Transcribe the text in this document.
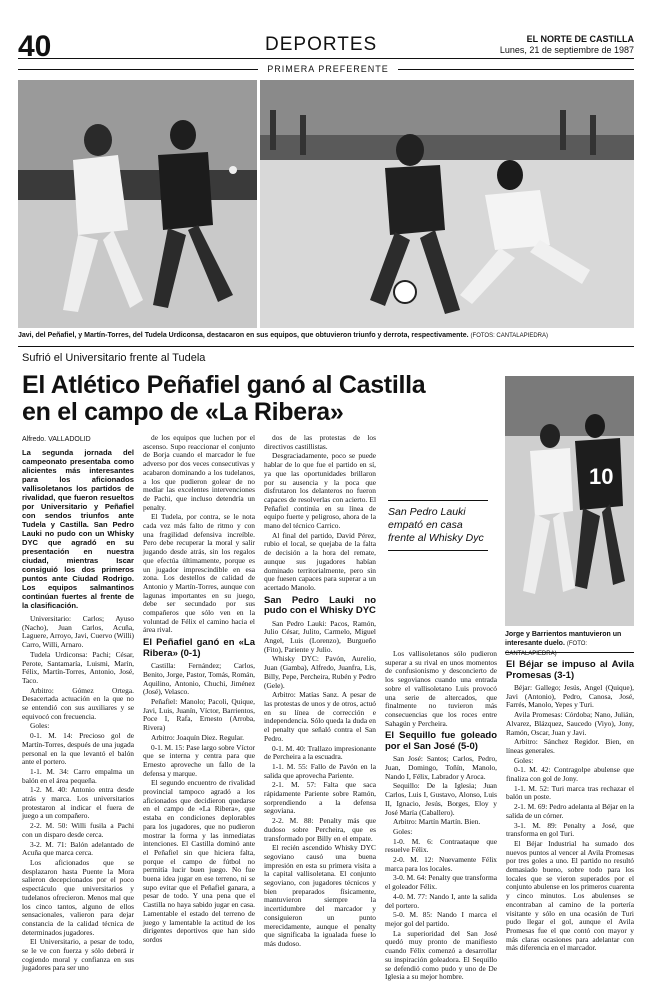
40	DEPORTES	EL NORTE DE CASTILLA
Lunes, 21 de septiembre de 1987
PRIMERA PREFERENTE
Javi, del Peñafiel, y Martín-Torres, del Tudela Urdiconsa, destacaron en sus equipos, que obtuvieron triunfo y derrota, respectivamente. (FOTOS: CANTALAPIEDRA)
Sufrió el Universitario frente al Tudela
El Atlético Peñafiel ganó al Castilla
en el campo de «La Ribera»
Alfredo. VALLADOLID

La segunda jornada del campeonato presentaba como alicientes más interesantes para los aficionados vallisoletanos los partidos de rivalidad, que fueron resueltos por Universitario y Peñafiel con sendos triunfos ante Tudela y Castilla. San Pedro Lauki no pudo con un Whisky DYC que agradó en su presentación en nuestra ciudad, mientras Iscar consiguió los dos primeros puntos ante Ciudad Rodrigo. Los equipos salmantinos continúan fuertes al frente de la clasificación.

Universitario: Carlos; Ayuso (Nacho), Juan Carlos, Acuña, Laguere, Arroyo, Javi, Cuervo (Willi) Carro, Willi, Arnaro.

Tudela Urdiconsa: Pachi; César, Perote, Santamaría, Luismi, Marín, Félix, Martín-Torres, Antonio, José, Taco.

Arbitro: Gómez Ortega. Desacertada actuación en la que no se entendió con sus auxiliares y se equivocó con frecuencia.

Goles:

0-1. M. 14: Precioso gol de Martín-Torres, después de una jugada personal en la que levantó el balón ante el portero.

1-1. M. 34: Carro empalma un balón en el área pequeña.

1-2. M. 40: Antonio entra desde atrás y marca. Los universitarios protestaron al indicar el fuera de juego a un compañero.

2-2. M. 50: Willi fusila a Pachi con un disparo desde cerca.

3-2. M. 71: Balón adelantado de Acuña que marca cerca.

Los aficionados que se desplazaron hasta Puente la Mora salieron decepcionados por el poco espectáculo que universitarios y tudelanos ofrecieron. Menos mal que los cinco tantos, alguno de ellos sensacionales, valieron para dejar constancia de la calidad técnica de determinados jugadores.

El Universitario, a pesar de todo, se le ve con fuerza y sólo deberá ir cogiendo moral y confianza en sus jugadores para ser uno

de los equipos que luchen por el ascenso. Supo reaccionar el conjunto de Borja cuando el marcador le fue adverso por dos veces consecutivas y acabaron dominando a los tudelanos, a los que pudieron golear de no mediar las excelentes intervenciones de Pachi, que incluso detendría un penalty.

El Tudela, por contra, se le nota cada vez más falto de ritmo y con una fragilidad defensiva increíble. Pero debe recuperar la moral y salir jugando desde atrás, sin los regalos que efectúa últimamente, porque es un jugador imprescindible en esa zona. Los destellos de calidad de Antonio y Martín-Torres, aunque con lagunas importantes en su juego, debe ser secundado por sus compañeros que sólo ven en la voluntad de Félix el camino hacia el área rival.

El Peñafiel ganó en «La Ribera» (0-1)

Castilla: Fernández; Carlos, Benito, Jorge, Pastor, Tomás, Román, Aquilino, Antonio, Chuchi, Jiménez (José), Velasco.

Peñafiel: Manolo; Pacoli, Quique, Javi, Luis, Juanín, Víctor, Barrientos, Poce I, Rafa, Ernesto (Arroba, Rivera)

Arbitro: Joaquín Diez. Regular.

0-1. M. 15: Pase largo sobre Víctor que se interna y centra para que Ernesto aproveche un fallo de la defensa y marque.

El segundo encuentro de rivalidad provincial tampoco agradó a los aficionados que decidieron quedarse en el campo de «La Ribera», que estaba en condiciones deplorables para los jugadores, que no pudieron mostrar la forma y las inmediatas intenciones. El Castilla dominó ante el Peñafiel sin que hiciera falta, porque el campo de fútbol no permitía lucir buen juego. No fue buena idea jugar en ese terreno, ni se supo evitar que el Peñafiel ganara, a pesar de todo. Y una pena que el Castilla no haya sabido jugar en casa. Lamentable el estado del terreno de juego y lamentable la actitud de los dirigentes deportivos que han sido sordos

dos de las protestas de los directivos castillistas.

Desgraciadamente, poco se puede hablar de lo que fue el partido en sí, ya que las oportunidades brillaron por su ausencia y la poca que disfrutaron los delanteros no fueron capaces de resolverlas con acierto. El Peñafiel continúa en su línea de equipo fuerte y peligroso, ahora de la mano del técnico Carrico.

Al final del partido, David Pérez, rubio el local, se quejaba de la falta de decisión a la hora del remate, aunque sus jugadores habían dominado territorialmente, pero sin que fuesen capaces para superar a un acertado Manolo.

San Pedro Lauki no pudo con el Whisky DYC

San Pedro Lauki: Pacos, Ramón, Julio César, Julito, Carmelo, Miguel Angel, Luis (Lorenzo), Burgueño (Fito), Pariente y Julio.

Whisky DYC: Pavón, Aurelio, Juan (Gamba), Alfredo, Juanfra, Lis, Billy, Pepe, Percheira, Rubén y Pedro (Gele).

Arbitro: Matías Sanz. A pesar de las protestas de unos y de otros, actuó en su línea de corrección e independencia. Sólo queda la duda en el penalty que señaló contra el San Pedro.

0-1. M. 40: Trallazo impresionante de Percheira a la escuadra.

1-1. M. 55: Fallo de Pavón en la salida que aprovecha Pariente.

2-1. M. 57: Falta que saca rápidamente Pariente sobre Ramón, sorprendiendo a la defensa segoviana.

2-2. M. 88: Penalty más que dudoso sobre Percheira, que es transformado por Billy en el empate.

El recién ascendido Whisky DYC segoviano causó una buena impresión en esta su primera visita a la capital vallisoletana. El conjunto segoviano, con jugadores técnicos y bien preparados físicamente, mantuvieron siempre la incertidumbre del marcador y consiguieron un punto merecidamente, aunque el penalty que significaba la igualada fuese lo más dudoso.

San Pedro Lauki empató en casa frente al Whisky Dyc

Los vallisoletanos sólo pudieron superar a su rival en unos momentos de confusionismo y desconcierto de los segovianos cuando una entrada sobre el vallisoletano Luis provocó una serie de altercados, que finalmente no tuvieron más consecuencias que los roces entre Sahagún y Percheira.

El Sequillo fue goleado por el San José (5-0)

San José: Santos; Carlos, Pedro, Juan, Domingo, Toñín, Manolo, Nando I, Félix, Labrador y Aroca.

Sequillo: De la Iglesia; Juan Carlos, Luis I, Gustavo, Alonso, Luis II, Ignacio, Jesús, Borges, Eloy y José María (Caballero).

Arbitro: Martín Martín. Bien.

Goles:

1-0. M. 6: Contraataque que resuelve Félix.

2-0. M. 12: Nuevamente Félix marca para los locales.

3-0. M. 64: Penalty que transforma el goleador Félix.

4-0. M. 77: Nando I, ante la salida del portero.

5-0. M. 85: Nando I marca el mejor gol del partido.

La superioridad del San José quedó muy pronto de manifiesto cuando Félix comenzó a desarrollar su inspiración goleadora. El Sequillo se defendió como pudo y uno de De Iglesia a su mejor hombre.

10
Jorge y Barrientos mantuvieron un interesante duelo. (FOTO: CANTALAPIEDRA)
El Béjar se impuso al Avila Promesas (3-1)

Béjar: Gallego; Jesús, Angel (Quique), Javi (Antonio), Pedro, Canosa, José, Farrés, Manolo, Yepes y Turi.

Avila Promesas: Córdoba; Nano, Julián, Alvarez, Blázquez, Saucedo (Viyo), Jony, Ramón, Oscar, Juan y Javi.

Arbitro: Sánchez Regidor. Bien, en líneas generales.

Goles:

0-1. M. 42: Contragolpe abulense que finaliza con gol de Jony.

1-1. M. 52: Turi marca tras rechazar el balón un poste.

2-1. M. 69: Pedro adelanta al Béjar en la salida de un córner.

3-1. M. 89: Penalty a José, que transforma en gol Turi.

El Béjar Industrial ha sumado dos nuevos puntos al vencer al Avila Promesas por tres goles a uno. El partido no resultó demasiado bueno, sobre todo para los locales que se vieron superados por el conjunto abulense en los primeros cuarenta y cinco minutos. Los abulenses se encontraban al camino de la portería visitante y sólo en una ocasión de Turi pudo llegar el gol, aunque el Avila Promesas fue el que contó con mayor y más claras ocasiones para adelantar con más diferencia en el marcador.
